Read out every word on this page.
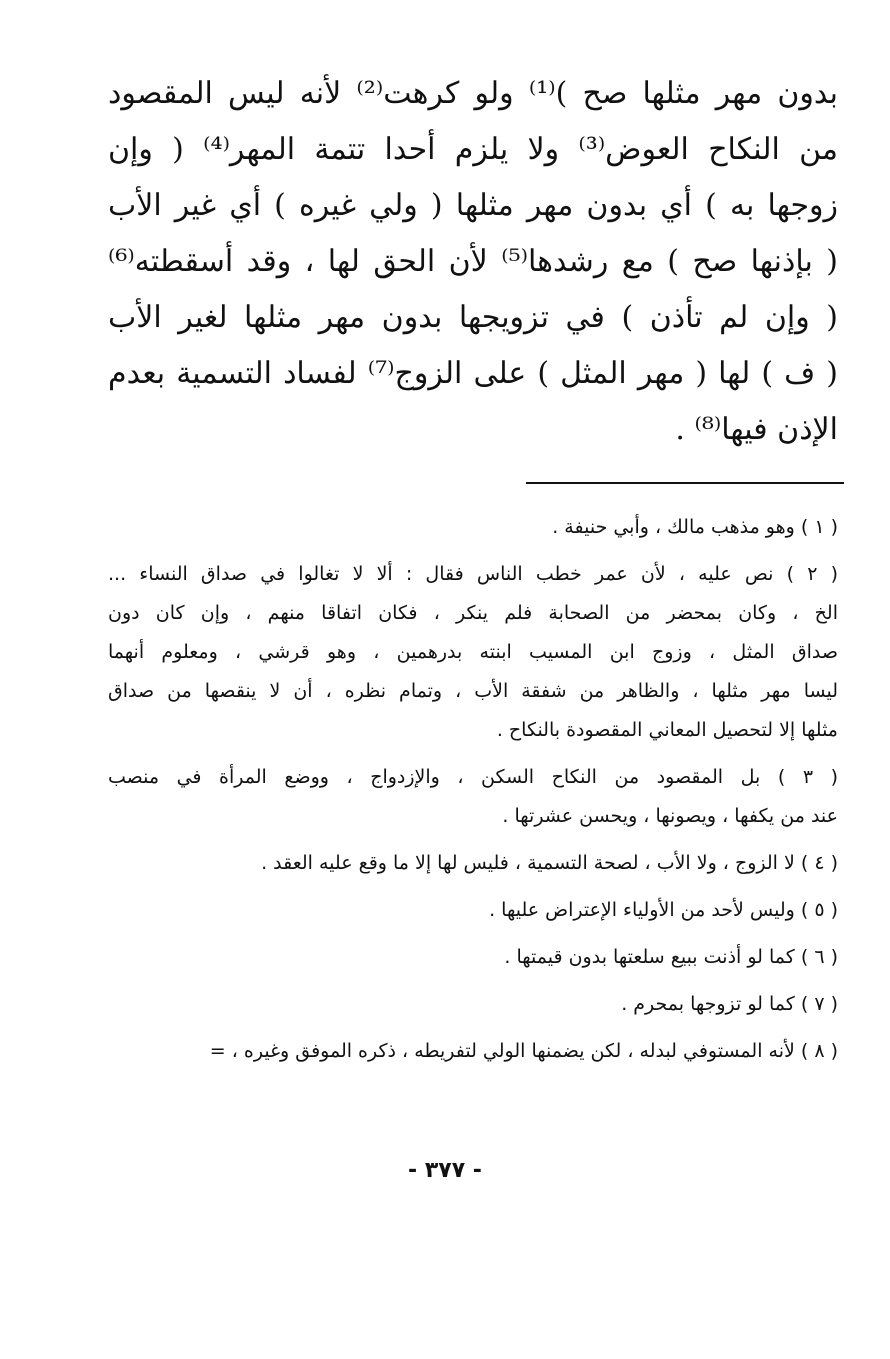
بدون مهر مثلها صح )⁽¹⁾ ولو كرهت⁽²⁾ لأنه ليس المقصود
من النكاح العوض⁽³⁾ ولا يلزم أحدا تتمة المهر⁽⁴⁾ ( وإن
زوجها به ) أي بدون مهر مثلها ( ولي غيره ) أي غير الأب
( بإذنها صح ) مع رشدها⁽⁵⁾ لأن الحق لها ، وقد أسقطته⁽⁶⁾
( وإن لم تأذن ) في تزويجها بدون مهر مثلها لغير الأب
( ف ) لها ( مهر المثل ) على الزوج⁽⁷⁾ لفساد التسمية بعدم
الإذن فيها⁽⁸⁾ .
( ١ ) وهو مذهب مالك ، وأبي حنيفة .
( ٢ ) نص عليه ، لأن عمر خطب الناس فقال : ألا لا تغالوا في صداق النساء ...
الخ ، وكان بمحضر من الصحابة فلم ينكر ، فكان اتفاقا منهم ، وإن كان دون
صداق المثل ، وزوج ابن المسيب ابنته بدرهمين ، وهو قرشي ، ومعلوم أنهما
ليسا مهر مثلها ، والظاهر من شفقة الأب ، وتمام نظره ، أن لا ينقصها من صداق
مثلها إلا لتحصيل المعاني المقصودة بالنكاح .
( ٣ ) بل المقصود من النكاح السكن ، والإزدواج ، ووضع المرأة في منصب
عند من يكفها ، ويصونها ، ويحسن عشرتها .
( ٤ ) لا الزوج ، ولا الأب ، لصحة التسمية ، فليس لها إلا ما وقع عليه العقد .
( ٥ ) وليس لأحد من الأولياء الإعتراض عليها .
( ٦ ) كما لو أذنت ببيع سلعتها بدون قيمتها .
( ٧ ) كما لو تزوجها بمحرم .
( ٨ ) لأنه المستوفي لبدله ، لكن يضمنها الولي لتفريطه ، ذكره الموفق وغيره ، =
- ٣٧٧ -
